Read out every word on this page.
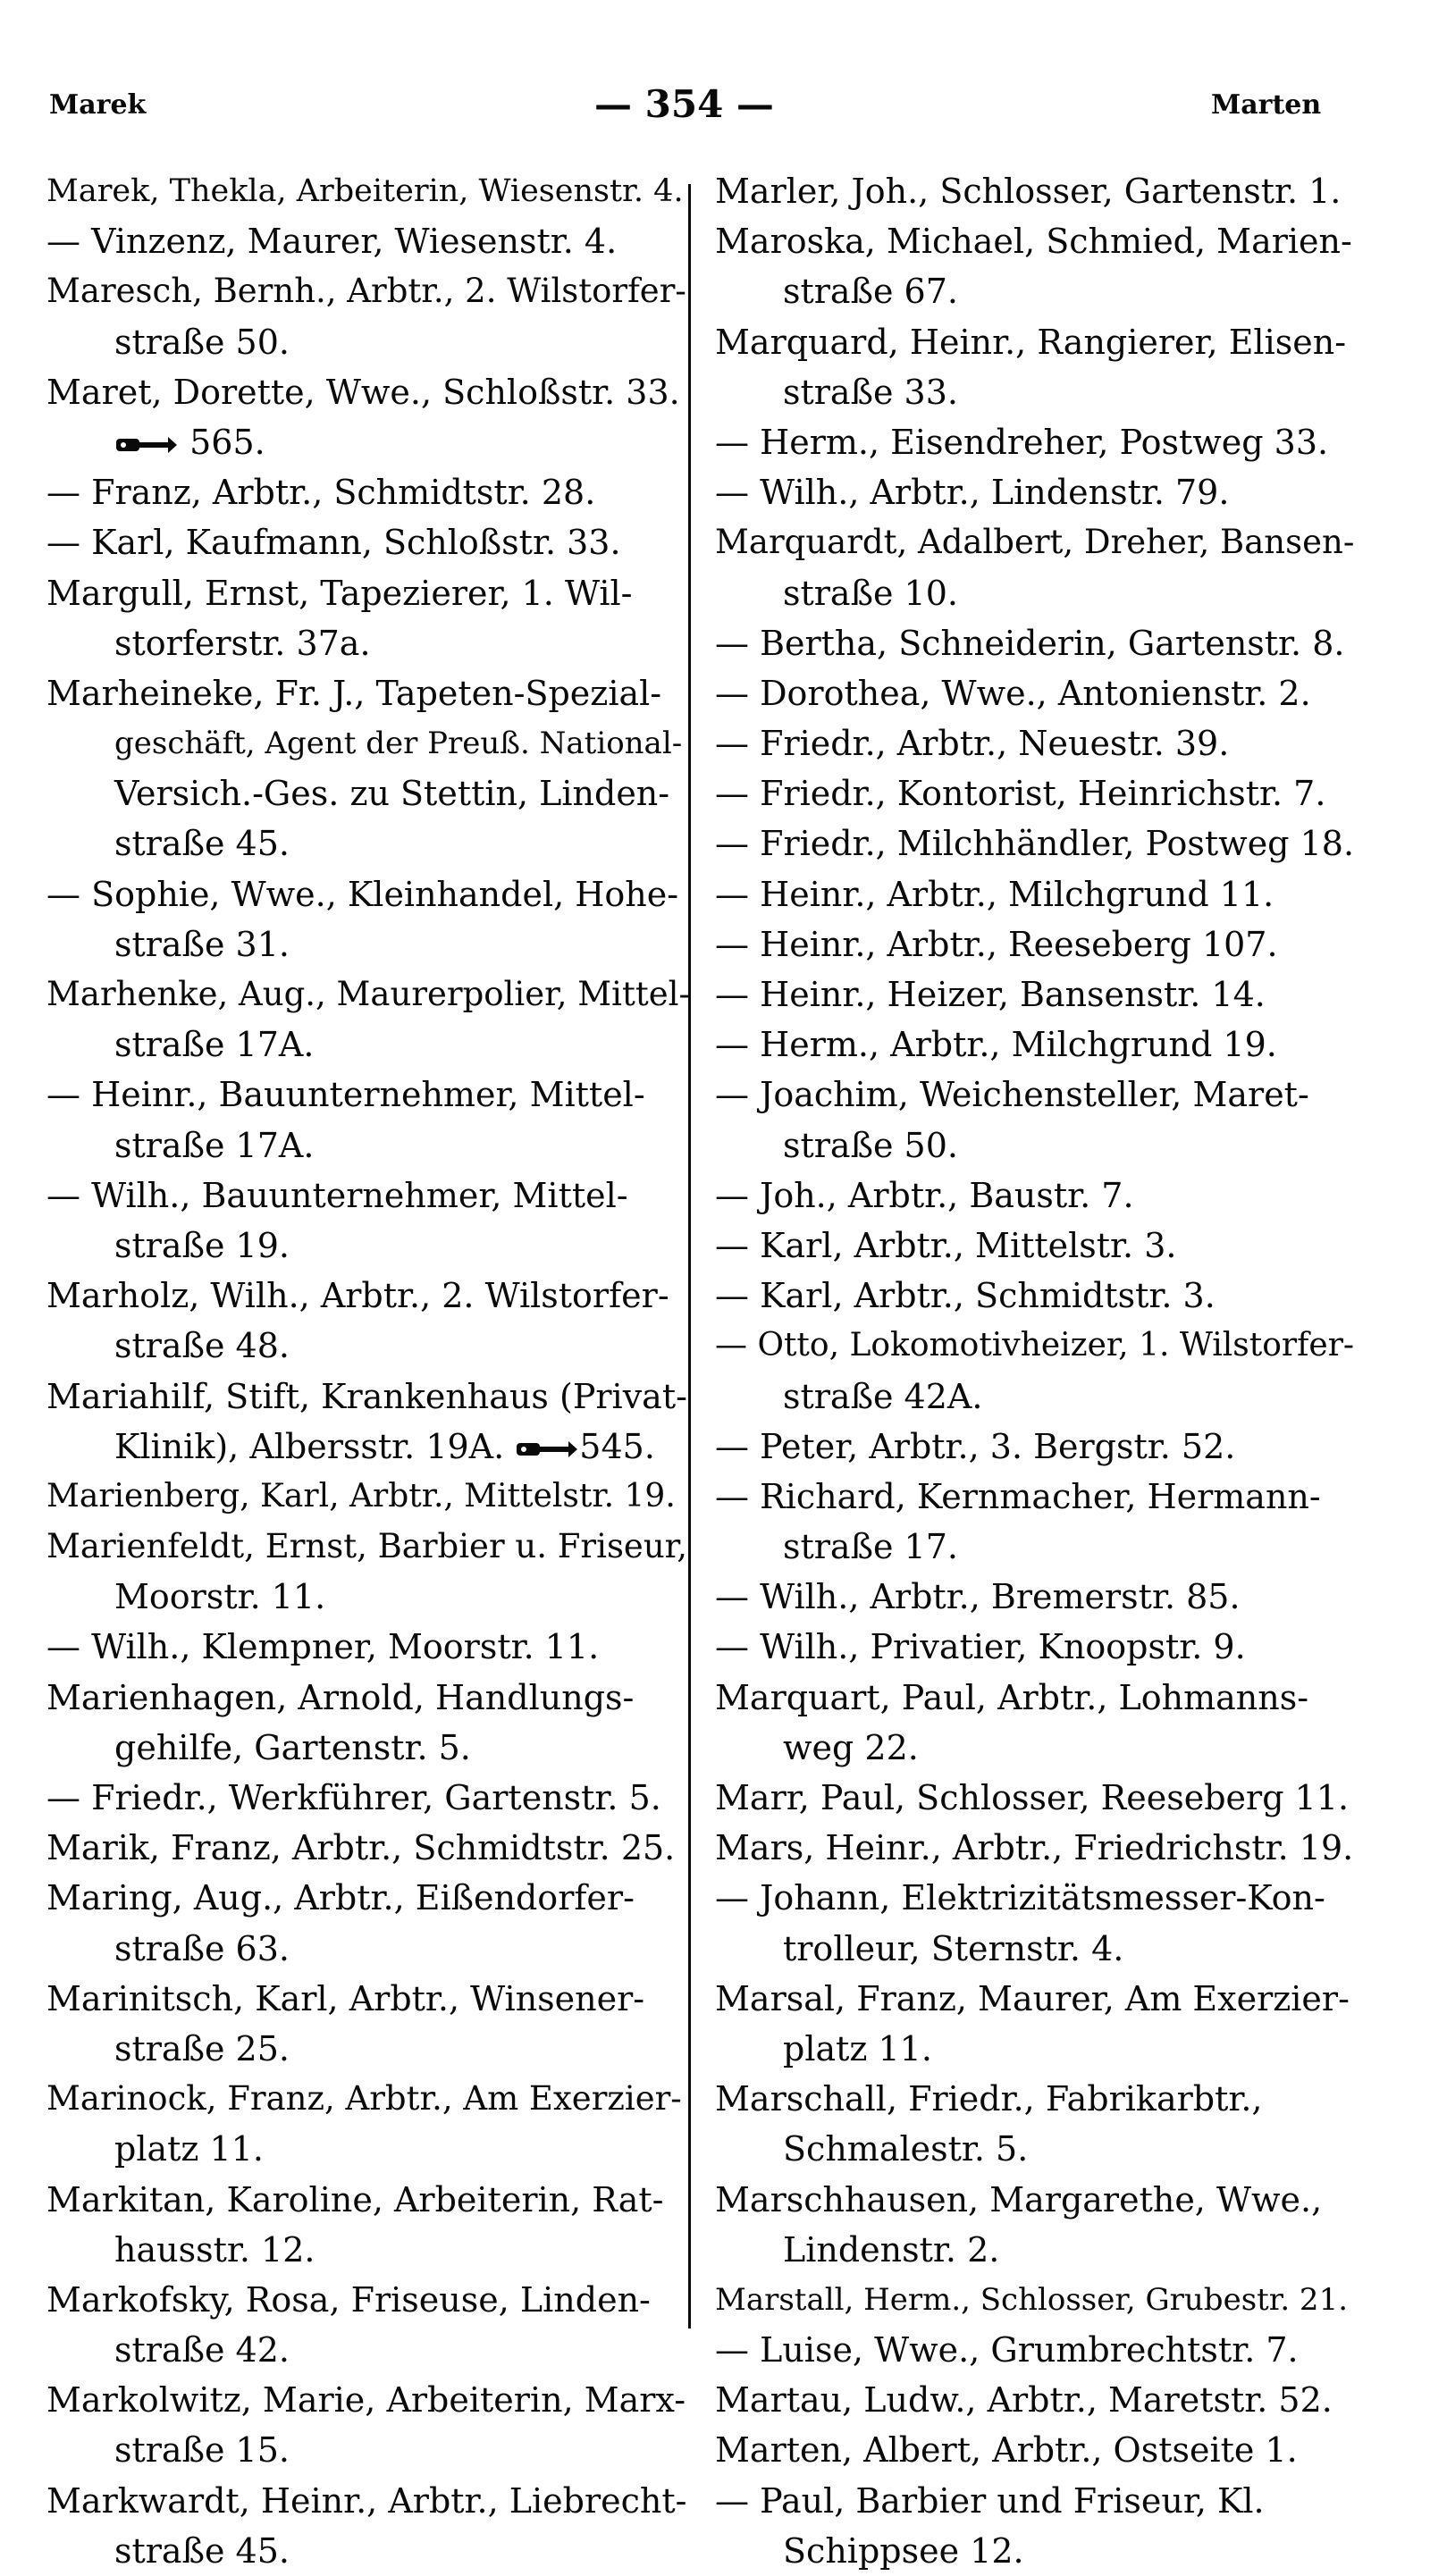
Marek	— 354 —	Marten
Marek, Thekla, Arbeiterin, Wiesenstr. 4.
— Vinzenz, Maurer, Wiesenstr. 4.
Maresch, Bernh., Arbtr., 2. Wilstorfer-
straße 50.
Maret, Dorette, Wwe., Schloßstr. 33.
565.
— Franz, Arbtr., Schmidtstr. 28.
— Karl, Kaufmann, Schloßstr. 33.
Margull, Ernst, Tapezierer, 1. Wil-
storferstr. 37a.
Marheineke, Fr. J., Tapeten-Spezial-
geschäft, Agent der Preuß. National-
Versich.-Ges. zu Stettin, Linden-
straße 45.
— Sophie, Wwe., Kleinhandel, Hohe-
straße 31.
Marhenke, Aug., Maurerpolier, Mittel-
straße 17A.
— Heinr., Bauunternehmer, Mittel-
straße 17A.
— Wilh., Bauunternehmer, Mittel-
straße 19.
Marholz, Wilh., Arbtr., 2. Wilstorfer-
straße 48.
Mariahilf, Stift, Krankenhaus (Privat-
Klinik), Albersstr. 19A. 545.
Marienberg, Karl, Arbtr., Mittelstr. 19.
Marienfeldt, Ernst, Barbier u. Friseur,
Moorstr. 11.
— Wilh., Klempner, Moorstr. 11.
Marienhagen, Arnold, Handlungs-
gehilfe, Gartenstr. 5.
— Friedr., Werkführer, Gartenstr. 5.
Marik, Franz, Arbtr., Schmidtstr. 25.
Maring, Aug., Arbtr., Eißendorfer-
straße 63.
Marinitsch, Karl, Arbtr., Winsener-
straße 25.
Marinock, Franz, Arbtr., Am Exerzier-
platz 11.
Markitan, Karoline, Arbeiterin, Rat-
hausstr. 12.
Markofsky, Rosa, Friseuse, Linden-
straße 42.
Markolwitz, Marie, Arbeiterin, Marx-
straße 15.
Markwardt, Heinr., Arbtr., Liebrecht-
straße 45.
Marler, Joh., Schlosser, Gartenstr. 1.
Maroska, Michael, Schmied, Marien-
straße 67.
Marquard, Heinr., Rangierer, Elisen-
straße 33.
— Herm., Eisendreher, Postweg 33.
— Wilh., Arbtr., Lindenstr. 79.
Marquardt, Adalbert, Dreher, Bansen-
straße 10.
— Bertha, Schneiderin, Gartenstr. 8.
— Dorothea, Wwe., Antonienstr. 2.
— Friedr., Arbtr., Neuestr. 39.
— Friedr., Kontorist, Heinrichstr. 7.
— Friedr., Milchhändler, Postweg 18.
— Heinr., Arbtr., Milchgrund 11.
— Heinr., Arbtr., Reeseberg 107.
— Heinr., Heizer, Bansenstr. 14.
— Herm., Arbtr., Milchgrund 19.
— Joachim, Weichensteller, Maret-
straße 50.
— Joh., Arbtr., Baustr. 7.
— Karl, Arbtr., Mittelstr. 3.
— Karl, Arbtr., Schmidtstr. 3.
— Otto, Lokomotivheizer, 1. Wilstorfer-
straße 42A.
— Peter, Arbtr., 3. Bergstr. 52.
— Richard, Kernmacher, Hermann-
straße 17.
— Wilh., Arbtr., Bremerstr. 85.
— Wilh., Privatier, Knoopstr. 9.
Marquart, Paul, Arbtr., Lohmanns-
weg 22.
Marr, Paul, Schlosser, Reeseberg 11.
Mars, Heinr., Arbtr., Friedrichstr. 19.
— Johann, Elektrizitätsmesser-Kon-
trolleur, Sternstr. 4.
Marsal, Franz, Maurer, Am Exerzier-
platz 11.
Marschall, Friedr., Fabrikarbtr.,
Schmalestr. 5.
Marschhausen, Margarethe, Wwe.,
Lindenstr. 2.
Marstall, Herm., Schlosser, Grubestr. 21.
— Luise, Wwe., Grumbrechtstr. 7.
Martau, Ludw., Arbtr., Maretstr. 52.
Marten, Albert, Arbtr., Ostseite 1.
— Paul, Barbier und Friseur, Kl.
Schippsee 12.
